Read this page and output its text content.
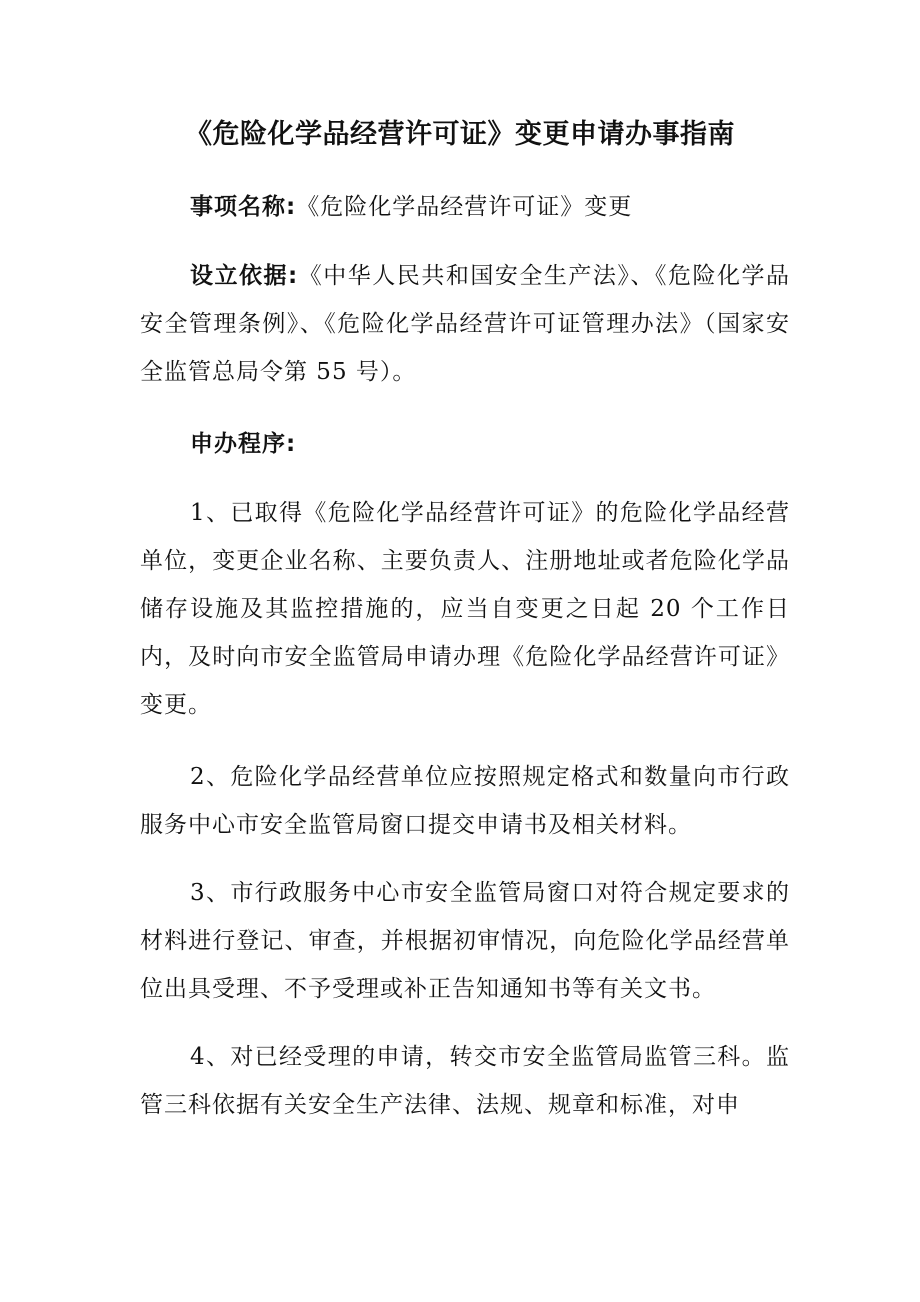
《危险化学品经营许可证》变更申请办事指南
事项名称:《危险化学品经营许可证》变更
设立依据:《中华人民共和国安全生产法》、《危险化学品安全管理条例》、《危险化学品经营许可证管理办法》（国家安全监管总局令第 55 号）。
申办程序:
1、已取得《危险化学品经营许可证》的危险化学品经营单位，变更企业名称、主要负责人、注册地址或者危险化学品储存设施及其监控措施的，应当自变更之日起 20 个工作日内，及时向市安全监管局申请办理《危险化学品经营许可证》变更。
2、危险化学品经营单位应按照规定格式和数量向市行政服务中心市安全监管局窗口提交申请书及相关材料。
3、市行政服务中心市安全监管局窗口对符合规定要求的材料进行登记、审查，并根据初审情况，向危险化学品经营单位出具受理、不予受理或补正告知通知书等有关文书。
4、对已经受理的申请，转交市安全监管局监管三科。监管三科依据有关安全生产法律、法规、规章和标准，对申
